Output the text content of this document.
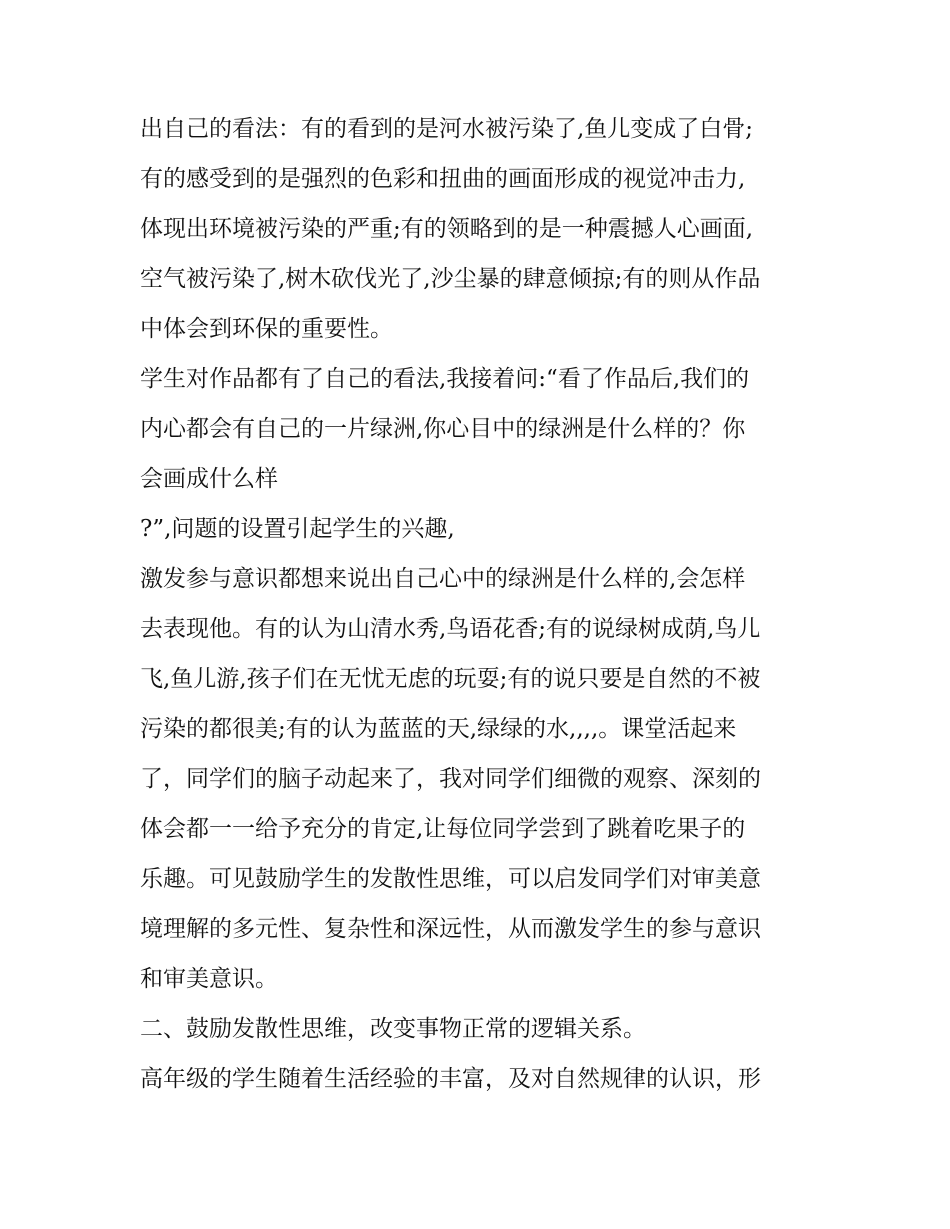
出自己的看法：有的看到的是河水被污染了,鱼儿变成了白骨;
有的感受到的是强烈的色彩和扭曲的画面形成的视觉冲击力,
体现出环境被污染的严重;有的领略到的是一种震撼人心画面,
空气被污染了,树木砍伐光了,沙尘暴的肆意倾掠;有的则从作品
中体会到环保的重要性。
学生对作品都有了自己的看法,我接着问:“看了作品后,我们的
内心都会有自己的一片绿洲,你心目中的绿洲是什么样的？你
会画成什么样
?”,问题的设置引起学生的兴趣,
激发参与意识都想来说出自己心中的绿洲是什么样的,会怎样
去表现他。有的认为山清水秀,鸟语花香;有的说绿树成荫,鸟儿
飞,鱼儿游,孩子们在无忧无虑的玩耍;有的说只要是自然的不被
污染的都很美;有的认为蓝蓝的天,绿绿的水,,,,。课堂活起来
了，同学们的脑子动起来了，我对同学们细微的观察、深刻的
体会都一一给予充分的肯定,让每位同学尝到了跳着吃果子的
乐趣。可见鼓励学生的发散性思维，可以启发同学们对审美意
境理解的多元性、复杂性和深远性，从而激发学生的参与意识
和审美意识。
二、鼓励发散性思维，改变事物正常的逻辑关系。
高年级的学生随着生活经验的丰富，及对自然规律的认识，形
